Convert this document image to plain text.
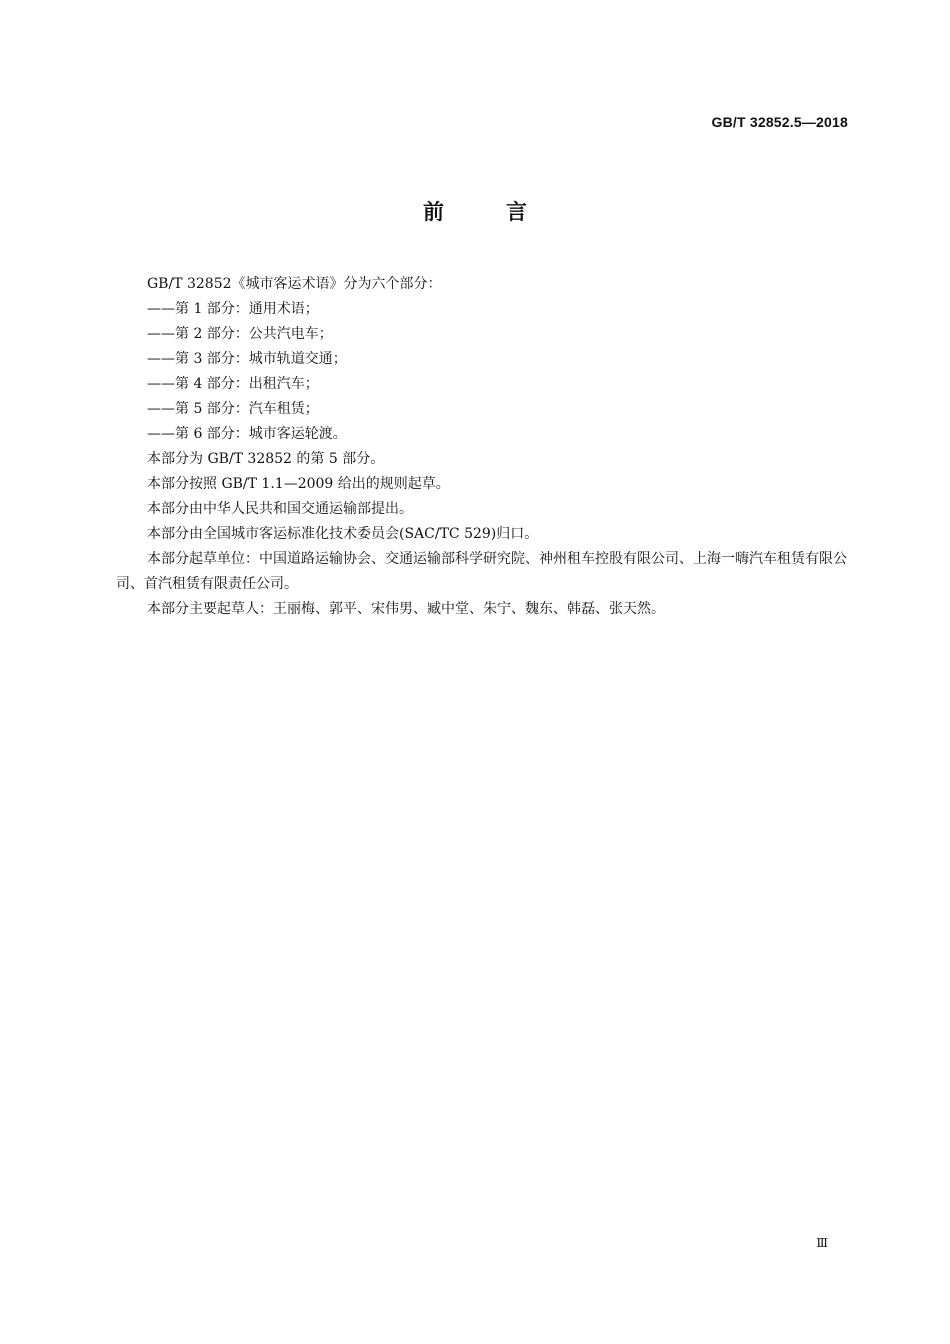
GB/T 32852.5—2018
前言

GB/T 32852《城市客运术语》分为六个部分：

——第 1 部分：通用术语；

——第 2 部分：公共汽电车；

——第 3 部分：城市轨道交通；

——第 4 部分：出租汽车；

——第 5 部分：汽车租赁；

——第 6 部分：城市客运轮渡。

本部分为 GB/T 32852 的第 5 部分。

本部分按照 GB/T 1.1—2009 给出的规则起草。

本部分由中华人民共和国交通运输部提出。

本部分由全国城市客运标准化技术委员会(SAC/TC 529)归口。

本部分起草单位：中国道路运输协会、交通运输部科学研究院、神州租车控股有限公司、上海一嗨汽车租赁有限公司、首汽租赁有限责任公司。

本部分主要起草人：王丽梅、郭平、宋伟男、臧中堂、朱宁、魏东、韩磊、张天然。

Ⅲ
